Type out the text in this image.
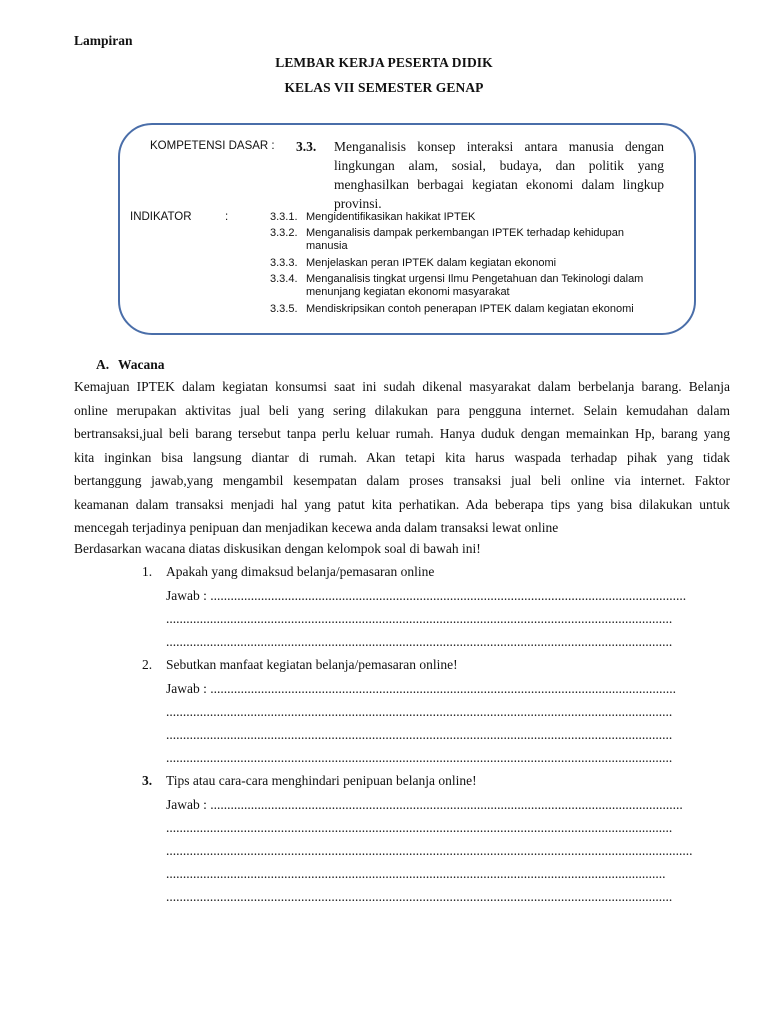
Lampiran
LEMBAR KERJA PESERTA DIDIK
KELAS VII SEMESTER GENAP
KOMPETENSI DASAR : 3.3. Menganalisis konsep interaksi antara manusia dengan lingkungan alam, sosial, budaya, dan politik yang menghasilkan berbagai kegiatan ekonomi dalam lingkup provinsi.
INDIKATOR	:	3.3.1. Mengidentifikasikan hakikat IPTEK
3.3.2. Menganalisis dampak perkembangan IPTEK terhadap kehidupan
manusia
3.3.3. Menjelaskan peran IPTEK dalam kegiatan ekonomi
3.3.4. Menganalisis tingkat urgensi Ilmu Pengetahuan dan Tekinologi dalam
menunjang kegiatan ekonomi masyarakat
3.3.5. Mendiskripsikan contoh penerapan IPTEK dalam kegiatan ekonomi
A. Wacana
Kemajuan IPTEK dalam kegiatan konsumsi saat ini sudah dikenal masyarakat dalam berbelanja barang. Belanja
online merupakan aktivitas jual beli yang sering dilakukan para pengguna internet. Selain kemudahan dalam
bertransaksi,jual beli barang tersebut tanpa perlu keluar rumah. Hanya duduk dengan memainkan Hp, barang yang
kita inginkan bisa langsung diantar di rumah. Akan tetapi kita harus waspada terhadap pihak yang tidak
bertanggung jawab,yang mengambil kesempatan dalam proses transaksi jual beli online via internet. Faktor
keamanan dalam transaksi menjadi hal yang patut kita perhatikan. Ada beberapa tips yang bisa dilakukan untuk
mencegah terjadinya penipuan dan menjadikan kecewa anda dalam transaksi lewat online
Berdasarkan wacana diatas diskusikan dengan kelompok soal di bawah ini!
1. Apakah yang dimaksud belanja/pemasaran online
Jawab : .............................................................................................................................................
......................................................................................................................................................
......................................................................................................................................................
2. Sebutkan manfaat kegiatan belanja/pemasaran online!
Jawab : ..........................................................................................................................................
......................................................................................................................................................
......................................................................................................................................................
......................................................................................................................................................
3. Tips atau cara-cara menghindari penipuan belanja online!
Jawab : ............................................................................................................................................
......................................................................................................................................................
............................................................................................................................................................
....................................................................................................................................................
......................................................................................................................................................
